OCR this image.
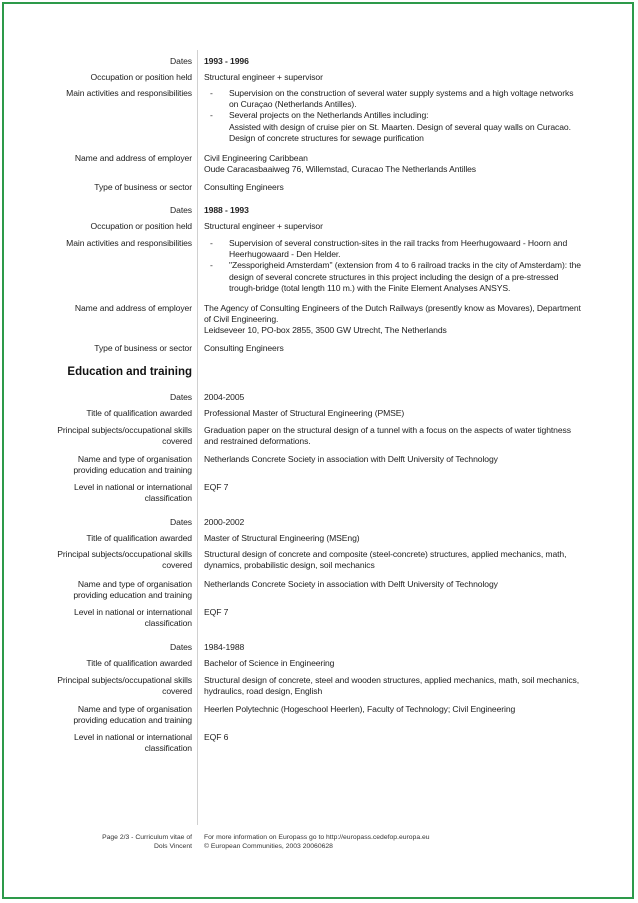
Dates 1993 - 1996
Occupation or position held Structural engineer + supervisor
Main activities and responsibilities - Supervision on the construction of several water supply systems and a high voltage networks
on Curaçao (Netherlands Antilles).
- Several projects on the Netherlands Antilles including:
Assisted with design of cruise pier on St. Maarten. Design of several quay walls on Curacao.
Design of concrete structures for sewage purification
Name and address of employer Civil Engineering Caribbean
Oude Caracasbaaiweg 76, Willemstad, Curacao The Netherlands Antilles
Type of business or sector Consulting Engineers
Dates 1988 - 1993
Occupation or position held Structural engineer + supervisor
Main activities and responsibilities - Supervision of several construction-sites in the rail tracks from Heerhugowaard - Hoorn and
Heerhugowaard - Den Helder.
- "Zessporigheid Amsterdam" (extension from 4 to 6 railroad tracks in the city of Amsterdam): the
design of several concrete structures in this project including the design of a pre-stressed
trough-bridge (total length 110 m.) with the Finite Element Analyses ANSYS.
Name and address of employer The Agency of Consulting Engineers of the Dutch Railways (presently know as Movares), Department
of Civil Engineering.
Leidseveer 10, PO-box 2855, 3500 GW Utrecht, The Netherlands
Type of business or sector Consulting Engineers
Education and training
Dates 2004-2005
Title of qualification awarded Professional Master of Structural Engineering (PMSE)
Principal subjects/occupational skills
covered
Graduation paper on the structural design of a tunnel with a focus on the aspects of water tightness
and restrained deformations.
Name and type of organisation
providing education and training
Netherlands Concrete Society in association with Delft University of Technology
Level in national or international
classification
EQF 7
Dates 2000-2002
Title of qualification awarded Master of Structural Engineering (MSEng)
Principal subjects/occupational skills
covered
Structural design of concrete and composite (steel-concrete) structures, applied mechanics, math,
dynamics, probabilistic design, soil mechanics
Name and type of organisation
providing education and training
Netherlands Concrete Society in association with Delft University of Technology
Level in national or international
classification
EQF 7
Dates 1984-1988
Title of qualification awarded Bachelor of Science in Engineering
Principal subjects/occupational skills
covered
Structural design of concrete, steel and wooden structures, applied mechanics, math, soil mechanics,
hydraulics, road design, English
Name and type of organisation
providing education and training
Heerlen Polytechnic (Hogeschool Heerlen), Faculty of Technology; Civil Engineering
Level in national or international
classification
EQF 6
Page 2/3 - Curriculum vitae of
Dols Vincent
For more information on Europass go to http://europass.cedefop.europa.eu
© European Communities, 2003 20060628
